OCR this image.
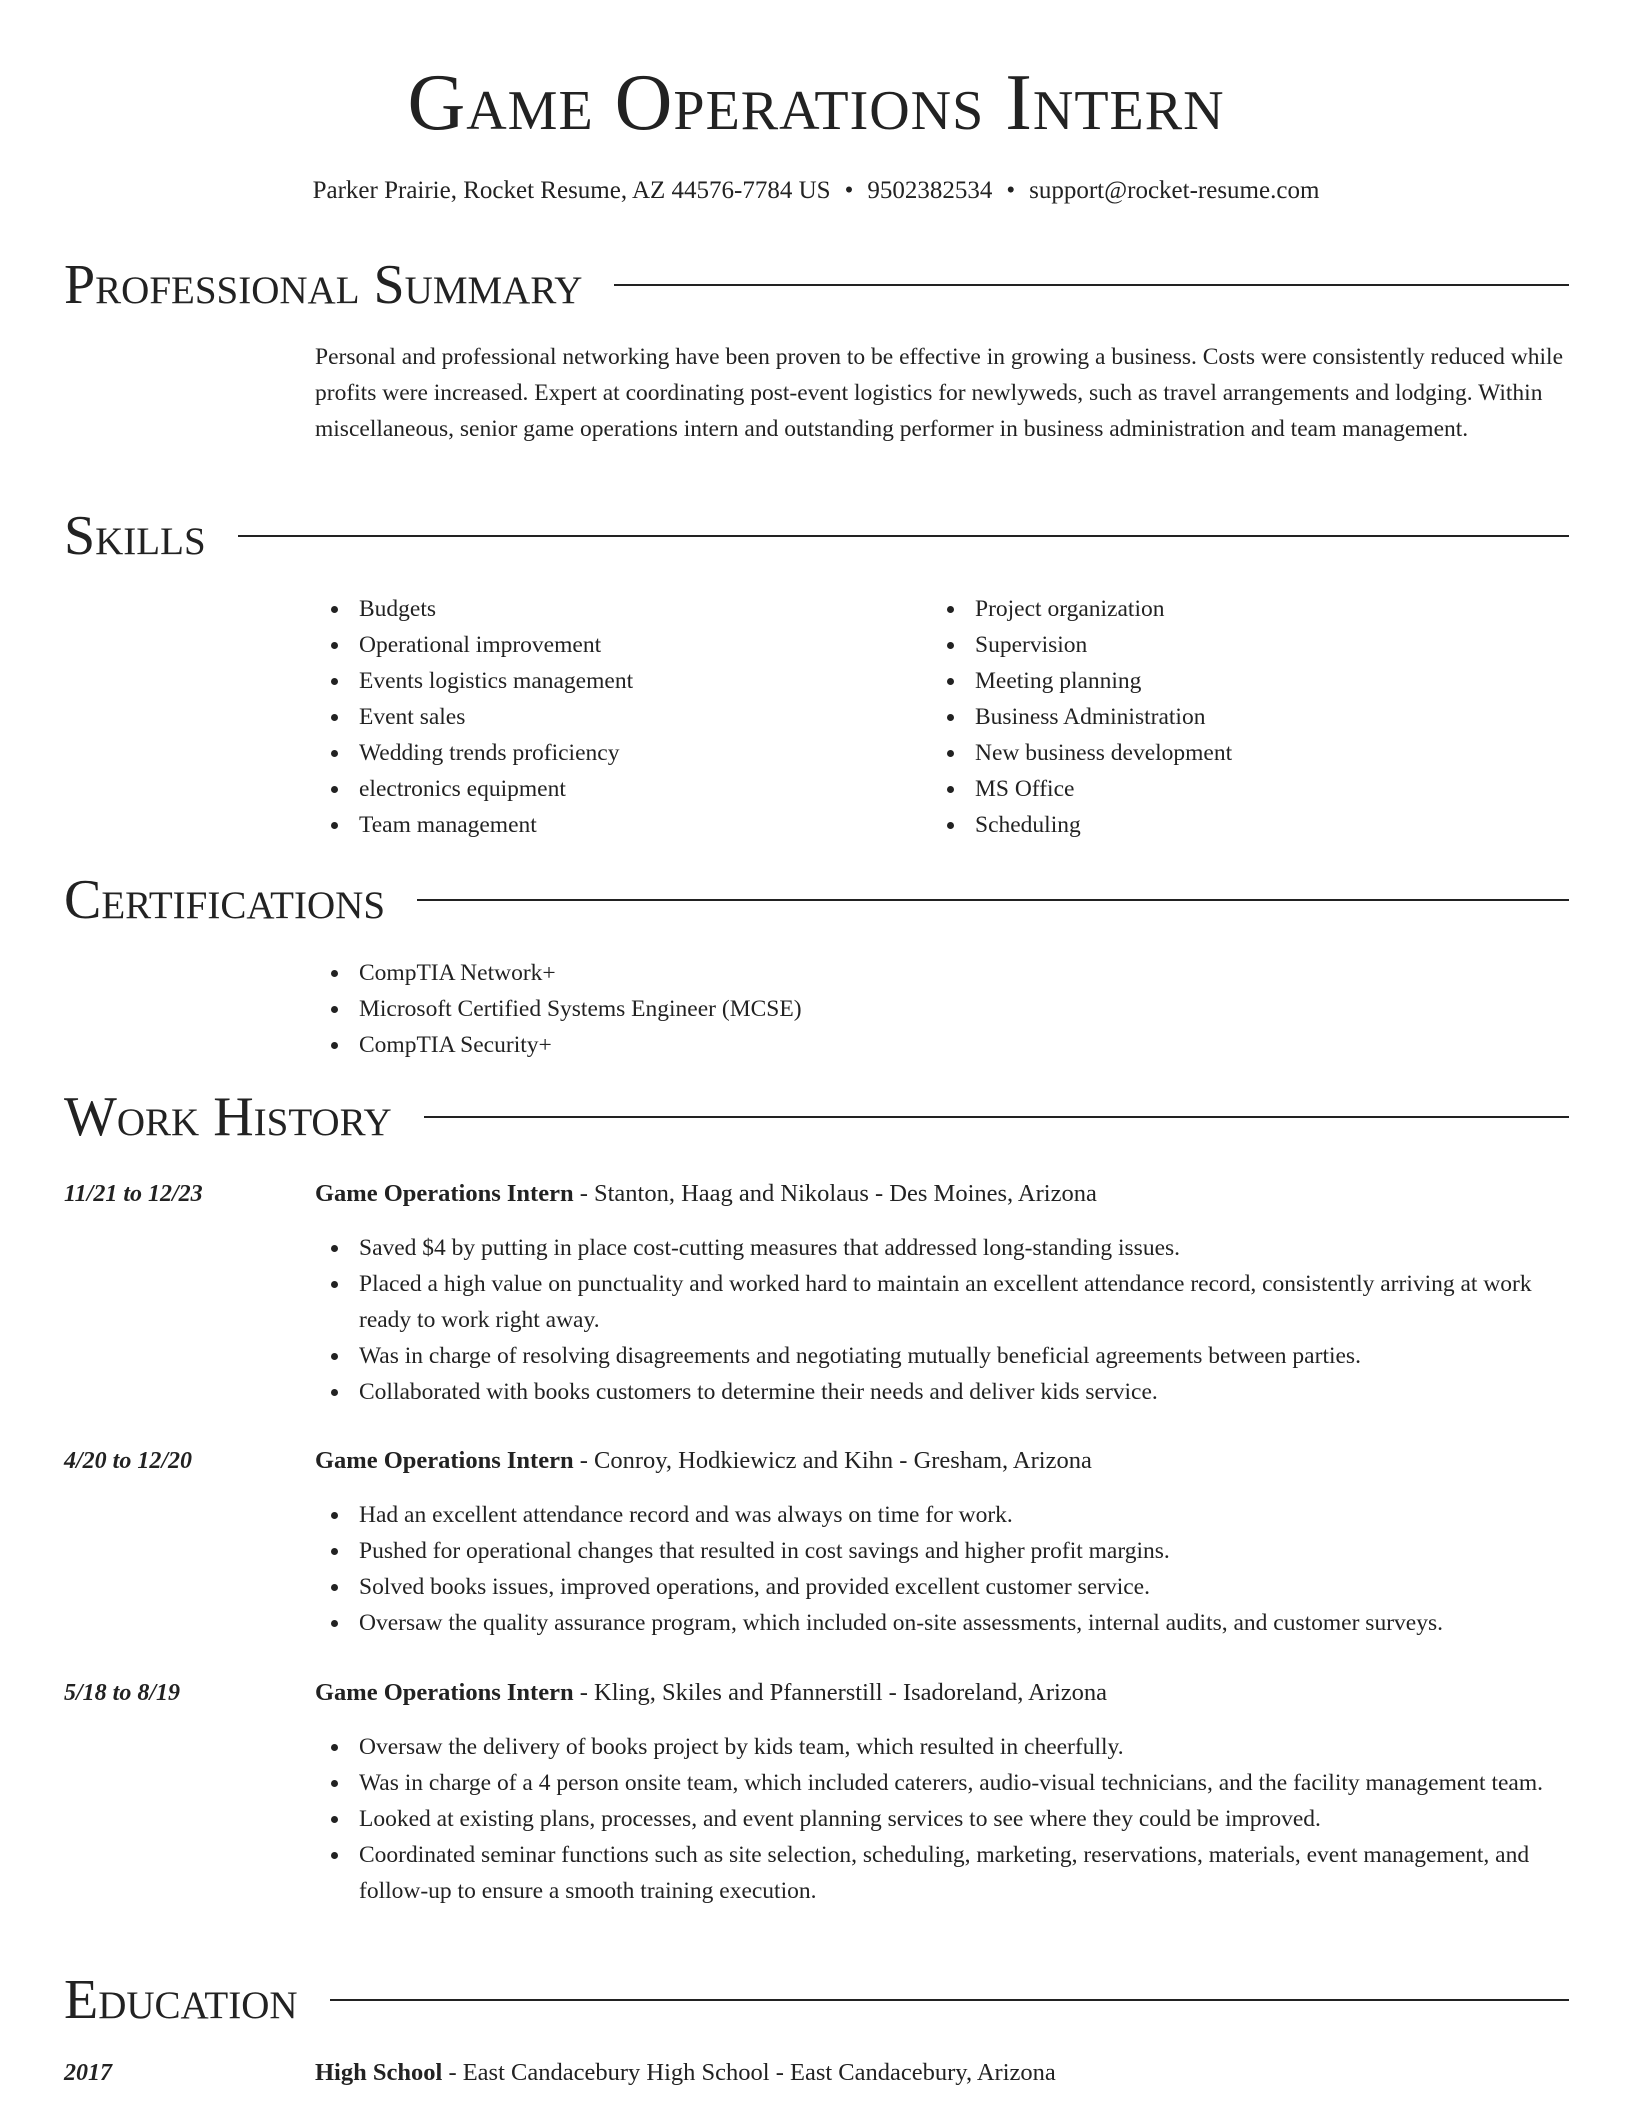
Game Operations Intern
Parker Prairie, Rocket Resume, AZ 44576-7784 US • 9502382534 • support@rocket-resume.com
Professional Summary
Personal and professional networking have been proven to be effective in growing a business. Costs were consistently reduced while profits were increased. Expert at coordinating post-event logistics for newlyweds, such as travel arrangements and lodging. Within miscellaneous, senior game operations intern and outstanding performer in business administration and team management.
Skills
Budgets
Operational improvement
Events logistics management
Event sales
Wedding trends proficiency
electronics equipment
Team management
Project organization
Supervision
Meeting planning
Business Administration
New business development
MS Office
Scheduling
Certifications
CompTIA Network+
Microsoft Certified Systems Engineer (MCSE)
CompTIA Security+
Work History
11/21 to 12/23	Game Operations Intern - Stanton, Haag and Nikolaus - Des Moines, Arizona
Saved $4 by putting in place cost-cutting measures that addressed long-standing issues.
Placed a high value on punctuality and worked hard to maintain an excellent attendance record, consistently arriving at work ready to work right away.
Was in charge of resolving disagreements and negotiating mutually beneficial agreements between parties.
Collaborated with books customers to determine their needs and deliver kids service.
4/20 to 12/20	Game Operations Intern - Conroy, Hodkiewicz and Kihn - Gresham, Arizona
Had an excellent attendance record and was always on time for work.
Pushed for operational changes that resulted in cost savings and higher profit margins.
Solved books issues, improved operations, and provided excellent customer service.
Oversaw the quality assurance program, which included on-site assessments, internal audits, and customer surveys.
5/18 to 8/19	Game Operations Intern - Kling, Skiles and Pfannerstill - Isadoreland, Arizona
Oversaw the delivery of books project by kids team, which resulted in cheerfully.
Was in charge of a 4 person onsite team, which included caterers, audio-visual technicians, and the facility management team.
Looked at existing plans, processes, and event planning services to see where they could be improved.
Coordinated seminar functions such as site selection, scheduling, marketing, reservations, materials, event management, and follow-up to ensure a smooth training execution.
Education
2017	High School - East Candacebury High School - East Candacebury, Arizona
